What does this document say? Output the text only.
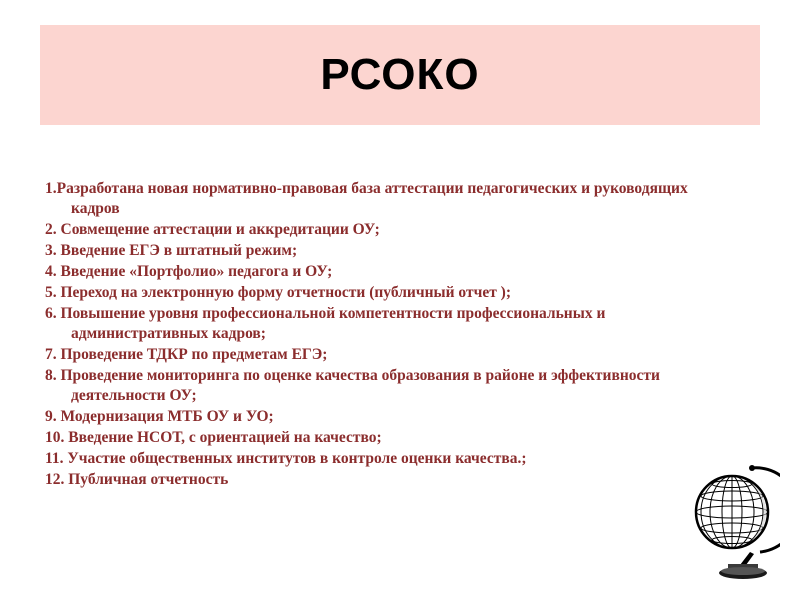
РСОКО
1.Разработана новая нормативно-правовая база аттестации педагогических и руководящих кадров
2. Совмещение аттестации и аккредитации ОУ;
3. Введение ЕГЭ в штатный режим;
4. Введение «Портфолио» педагога и ОУ;
5. Переход на электронную форму отчетности (публичный отчет );
6. Повышение уровня профессиональной компетентности профессиональных и административных кадров;
7. Проведение ТДКР по предметам ЕГЭ;
8. Проведение мониторинга по оценке качества образования в районе и эффективности деятельности ОУ;
9. Модернизация МТБ ОУ и УО;
10. Введение НСОТ, с ориентацией на качество;
11. Участие общественных институтов в контроле оценки качества.;
12. Публичная отчетность
